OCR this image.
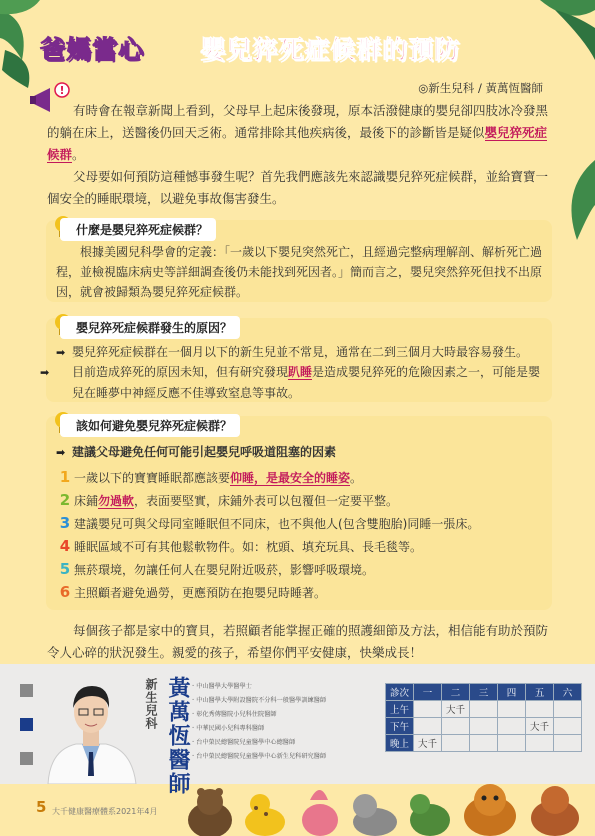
爸媽當心 嬰兒猝死症候群的預防
!	◎新生兒科 / 黃萬恆醫師
有時會在報章新聞上看到，父母早上起床後發現，原本活潑健康的嬰兒卻四肢冰冷發黑的躺在床上，送醫後仍回天乏術。通常排除其他疾病後，最後下的診斷皆是疑似嬰兒猝死症候群。
父母要如何預防這種憾事發生呢？首先我們應該先來認識嬰兒猝死症候群，並給寶寶一個安全的睡眠環境，以避免事故傷害發生。
什麼是嬰兒猝死症候群？
根據美國兒科學會的定義：「一歲以下嬰兒突然死亡，且經過完整病理解剖、解析死亡過程，並檢視臨床病史等詳細調查後仍未能找到死因者。」簡而言之，嬰兒突然猝死但找不出原因，就會被歸類為嬰兒猝死症候群。
嬰兒猝死症候群發生的原因？
➡ 嬰兒猝死症候群在一個月以下的新生兒並不常見，通常在二到三個月大時最容易發生。
➡ 目前造成猝死的原因未知，但有研究發現趴睡是造成嬰兒猝死的危險因素之一，可能是嬰兒在睡夢中神經反應不佳導致窒息等事故。
該如何避免嬰兒猝死症候群？
➡ 建議父母避免任何可能引起嬰兒呼吸道阻塞的因素
1 一歲以下的寶寶睡眠都應該要仰睡，是最安全的睡姿。
2 床鋪勿過軟，表面要堅實，床鋪外表可以包覆但一定要平整。
3 建議嬰兒可與父母同室睡眠但不同床，也不與他人(包含雙胞胎)同睡一張床。
4 睡眠區域不可有其他鬆軟物件。如：枕頭、填充玩具、長毛毯等。
5 無菸環境，勿讓任何人在嬰兒附近吸菸，影響呼吸環境。
6 主照顧者避免過勞，更應預防在抱嬰兒時睡著。
每個孩子都是家中的寶貝，若照顧者能掌握正確的照護細節及方法，相信能有助於預防令人心碎的狀況發生。親愛的孩子，希望你們平安健康，快樂成長！
新生兒科 黃萬恆醫師 ・ 中山醫學大學醫學士
・ 中山醫學大學附設醫院不分科一般醫學訓練醫師
・ 彰化秀傳醫院小兒科住院醫師
・ 中華民國小兒科專科醫師
・ 台中榮民總醫院兒童醫學中心總醫師
・ 台中榮民總醫院兒童醫學中心新生兒科研究醫師
診次	一	二	三	四	五	六
上午		大千				
下午					大千	
晚上	大千					
5 大千健康醫療體系2021年4月
